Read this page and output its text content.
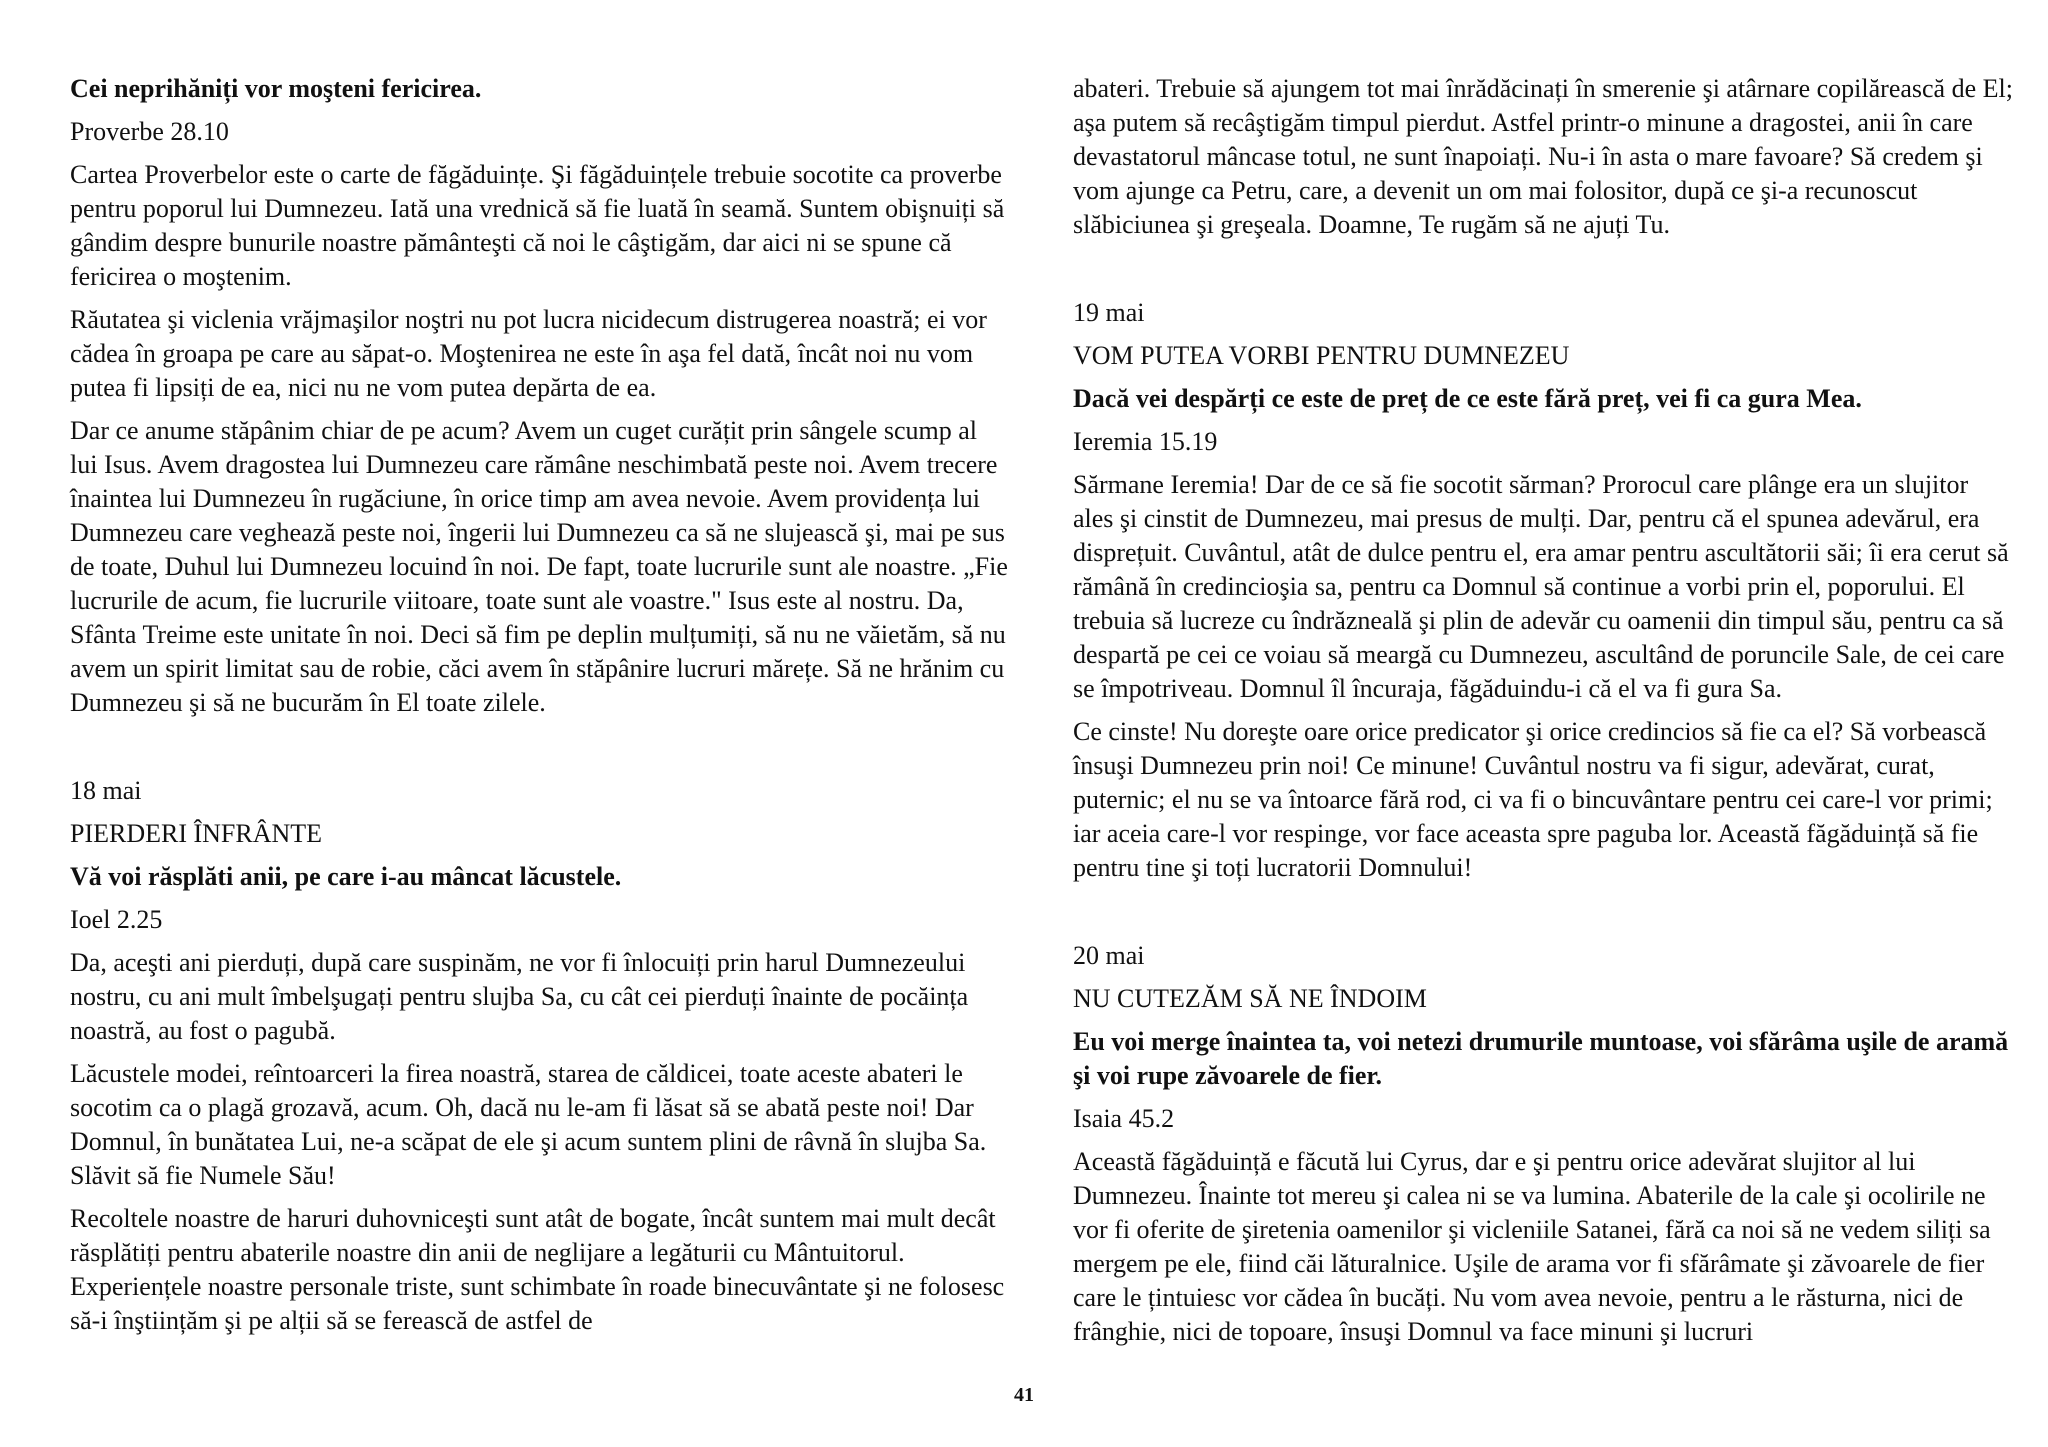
Cei neprihăniți vor moşteni fericirea.

Proverbe 28.10

Cartea Proverbelor este o carte de făgăduințe. Şi făgăduințele trebuie socotite ca proverbe pentru poporul lui Dumnezeu. Iată una vrednică să fie luată în seamă. Suntem obişnuiți să gândim despre bunurile noastre pământeşti că noi le câştigăm, dar aici ni se spune că fericirea o moştenim.

Răutatea şi viclenia vrăjmaşilor noştri nu pot lucra nicidecum distrugerea noastră; ei vor cădea în groapa pe care au săpat-o. Moştenirea ne este în aşa fel dată, încât noi nu vom putea fi lipsiți de ea, nici nu ne vom putea depărta de ea.

Dar ce anume stăpânim chiar de pe acum? Avem un cuget curățit prin sângele scump al lui Isus. Avem dragostea lui Dumnezeu care rămâne neschimbată peste noi. Avem trecere înaintea lui Dumnezeu în rugăciune, în orice timp am avea nevoie. Avem providența lui Dumnezeu care veghează peste noi, îngerii lui Dumnezeu ca să ne slujească şi, mai pe sus de toate, Duhul lui Dumnezeu locuind în noi. De fapt, toate lucrurile sunt ale noastre. „Fie lucrurile de acum, fie lucrurile viitoare, toate sunt ale voastre." Isus este al nostru. Da, Sfânta Treime este unitate în noi. Deci să fim pe deplin mulțumiți, să nu ne văietăm, să nu avem un spirit limitat sau de robie, căci avem în stăpânire lucruri mărețe. Să ne hrănim cu Dumnezeu şi să ne bucurăm în El toate zilele.

18 mai

PIERDERI ÎNFRÂNTE

Vă voi răsplăti anii, pe care i-au mâncat lăcustele.

Ioel 2.25

Da, aceşti ani pierduți, după care suspinăm, ne vor fi înlocuiți prin harul Dumnezeului nostru, cu ani mult îmbelşugați pentru slujba Sa, cu cât cei pierduți înainte de pocăința noastră, au fost o pagubă.

Lăcustele modei, reîntoarceri la firea noastră, starea de căldicei, toate aceste abateri le socotim ca o plagă grozavă, acum. Oh, dacă nu le-am fi lăsat să se abată peste noi! Dar Domnul, în bunătatea Lui, ne-a scăpat de ele şi acum suntem plini de râvnă în slujba Sa. Slăvit să fie Numele Său!

Recoltele noastre de haruri duhovniceşti sunt atât de bogate, încât suntem mai mult decât răsplătiți pentru abaterile noastre din anii de neglijare a legăturii cu Mântuitorul. Experiențele noastre personale triste, sunt schimbate în roade binecuvântate şi ne folosesc să-i înştiințăm şi pe alții să se ferească de astfel de

abateri. Trebuie să ajungem tot mai înrădăcinați în smerenie şi atârnare copilărească de El; aşa putem să recâştigăm timpul pierdut. Astfel printr-o minune a dragostei, anii în care devastatorul mâncase totul, ne sunt înapoiați. Nu-i în asta o mare favoare? Să credem şi vom ajunge ca Petru, care, a devenit un om mai folositor, după ce şi-a recunoscut slăbiciunea şi greşeala. Doamne, Te rugăm să ne ajuți Tu.

19 mai

VOM PUTEA VORBI PENTRU DUMNEZEU

Dacă vei despărți ce este de preț de ce este fără preț, vei fi ca gura Mea.

Ieremia 15.19

Sărmane Ieremia! Dar de ce să fie socotit sărman? Prorocul care plânge era un slujitor ales şi cinstit de Dumnezeu, mai presus de mulți. Dar, pentru că el spunea adevărul, era disprețuit. Cuvântul, atât de dulce pentru el, era amar pentru ascultătorii săi; îi era cerut să rămână în credincioşia sa, pentru ca Domnul să continue a vorbi prin el, poporului. El trebuia să lucreze cu îndrăzneală şi plin de adevăr cu oamenii din timpul său, pentru ca să despartă pe cei ce voiau să meargă cu Dumnezeu, ascultând de poruncile Sale, de cei care se împotriveau. Domnul îl încuraja, făgăduindu-i că el va fi gura Sa.

Ce cinste! Nu doreşte oare orice predicator şi orice credincios să fie ca el? Să vorbească însuşi Dumnezeu prin noi! Ce minune! Cuvântul nostru va fi sigur, adevărat, curat, puternic; el nu se va întoarce fără rod, ci va fi o bincuvântare pentru cei care-l vor primi; iar aceia care-l vor respinge, vor face aceasta spre paguba lor. Această făgăduință să fie pentru tine şi toți lucratorii Domnului!

20 mai

NU CUTEZĂM SĂ NE ÎNDOIM

Eu voi merge înaintea ta, voi netezi drumurile muntoase, voi sfărâma uşile de aramă şi voi rupe zăvoarele de fier.

Isaia 45.2

Această făgăduință e făcută lui Cyrus, dar e şi pentru orice adevărat slujitor al lui Dumnezeu. Înainte tot mereu şi calea ni se va lumina. Abaterile de la cale şi ocolirile ne vor fi oferite de şiretenia oamenilor şi vicleniile Satanei, fără ca noi să ne vedem siliți sa mergem pe ele, fiind căi lăturalnice. Uşile de arama vor fi sfărâmate şi zăvoarele de fier care le țintuiesc vor cădea în bucăți. Nu vom avea nevoie, pentru a le răsturna, nici de frânghie, nici de topoare, însuşi Domnul va face minuni şi lucruri

41
